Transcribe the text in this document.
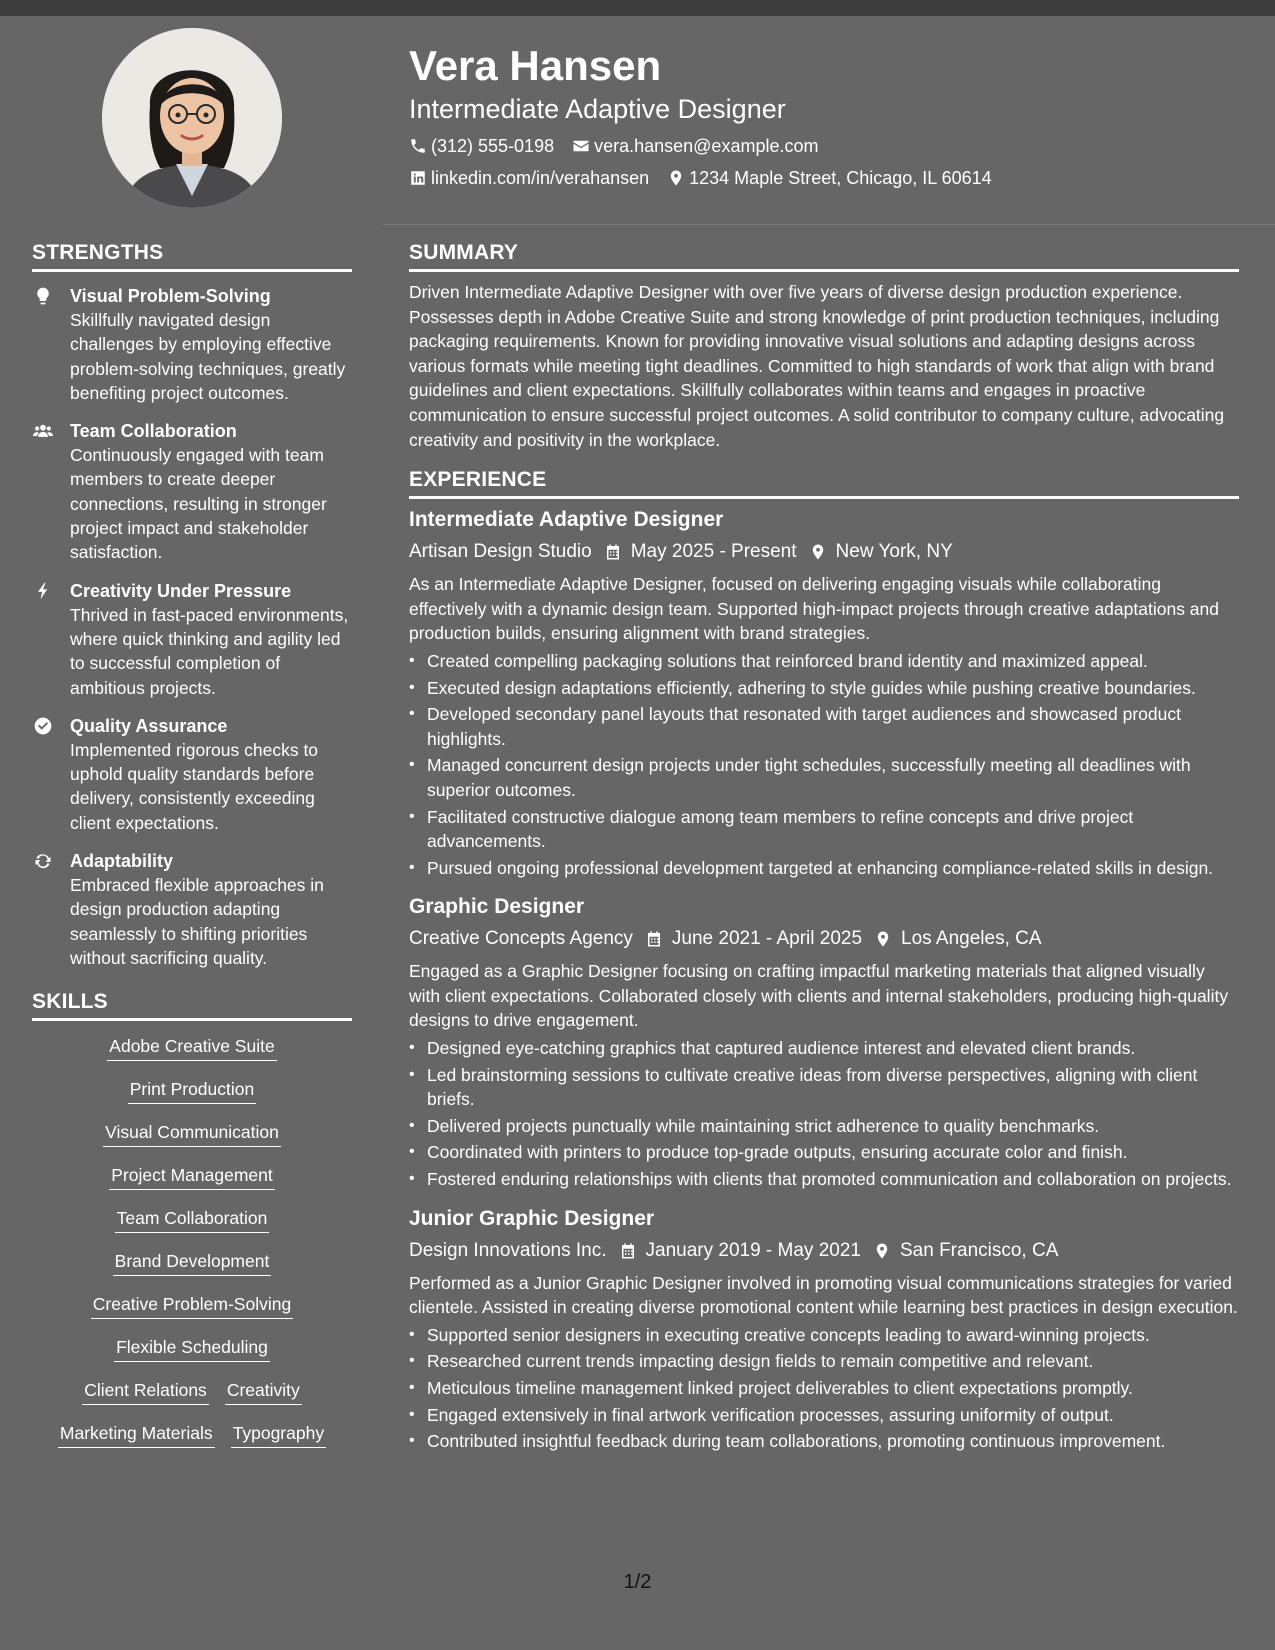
STRENGTHS
Visual Problem-Solving
Skillfully navigated design challenges by employing effective problem-solving techniques, greatly benefiting project outcomes.
Team Collaboration
Continuously engaged with team members to create deeper connections, resulting in stronger project impact and stakeholder satisfaction.
Creativity Under Pressure
Thrived in fast-paced environments, where quick thinking and agility led to successful completion of ambitious projects.
Quality Assurance
Implemented rigorous checks to uphold quality standards before delivery, consistently exceeding client expectations.
Adaptability
Embraced flexible approaches in design production adapting seamlessly to shifting priorities without sacrificing quality.
SKILLS
Adobe Creative Suite
Print Production
Visual Communication
Project Management
Team Collaboration
Brand Development
Creative Problem-Solving
Flexible Scheduling
Client Relations Creativity
Marketing Materials Typography
Vera Hansen
Intermediate Adaptive Designer
(312) 555-0198 vera.hansen@example.com
linkedin.com/in/verahansen 1234 Maple Street, Chicago, IL 60614
SUMMARY

Driven Intermediate Adaptive Designer with over five years of diverse design production experience. Possesses depth in Adobe Creative Suite and strong knowledge of print production techniques, including packaging requirements. Known for providing innovative visual solutions and adapting designs across various formats while meeting tight deadlines. Committed to high standards of work that align with brand guidelines and client expectations. Skillfully collaborates within teams and engages in proactive communication to ensure successful project outcomes. A solid contributor to company culture, advocating creativity and positivity in the workplace.

EXPERIENCE
Intermediate Adaptive Designer
Artisan Design Studio May 2025 - Present New York, NY

As an Intermediate Adaptive Designer, focused on delivering engaging visuals while collaborating effectively with a dynamic design team. Supported high-impact projects through creative adaptations and production builds, ensuring alignment with brand strategies.

• Created compelling packaging solutions that reinforced brand identity and maximized appeal.
• Executed design adaptations efficiently, adhering to style guides while pushing creative boundaries.
• Developed secondary panel layouts that resonated with target audiences and showcased product highlights.
• Managed concurrent design projects under tight schedules, successfully meeting all deadlines with superior outcomes.
• Facilitated constructive dialogue among team members to refine concepts and drive project advancements.
• Pursued ongoing professional development targeted at enhancing compliance-related skills in design.
Graphic Designer
Creative Concepts Agency June 2021 - April 2025 Los Angeles, CA

Engaged as a Graphic Designer focusing on crafting impactful marketing materials that aligned visually with client expectations. Collaborated closely with clients and internal stakeholders, producing high-quality designs to drive engagement.

• Designed eye-catching graphics that captured audience interest and elevated client brands.
• Led brainstorming sessions to cultivate creative ideas from diverse perspectives, aligning with client briefs.
• Delivered projects punctually while maintaining strict adherence to quality benchmarks.
• Coordinated with printers to produce top-grade outputs, ensuring accurate color and finish.
• Fostered enduring relationships with clients that promoted communication and collaboration on projects.
Junior Graphic Designer
Design Innovations Inc. January 2019 - May 2021 San Francisco, CA

Performed as a Junior Graphic Designer involved in promoting visual communications strategies for varied clientele. Assisted in creating diverse promotional content while learning best practices in design execution.

• Supported senior designers in executing creative concepts leading to award-winning projects.
• Researched current trends impacting design fields to remain competitive and relevant.
• Meticulous timeline management linked project deliverables to client expectations promptly.
• Engaged extensively in final artwork verification processes, assuring uniformity of output.
• Contributed insightful feedback during team collaborations, promoting continuous improvement.
1/2
